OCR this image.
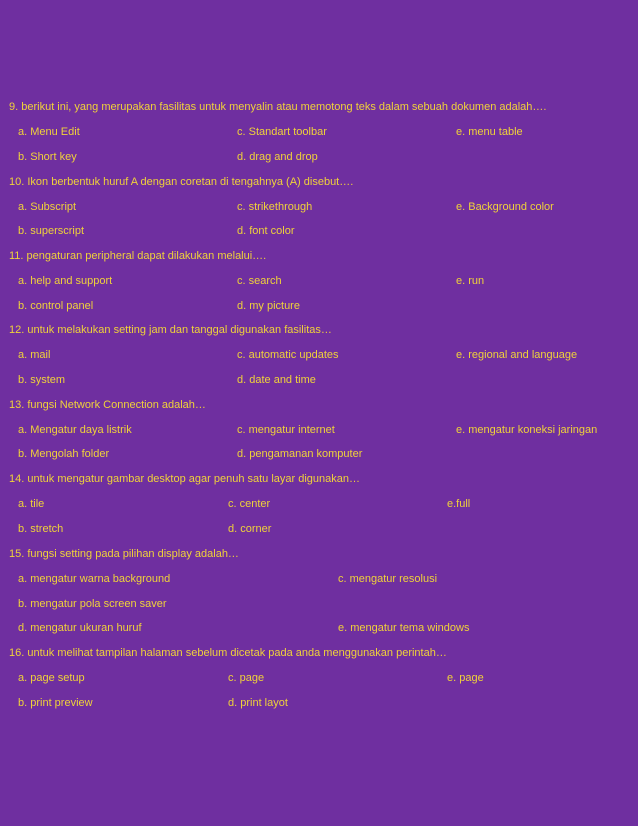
9. berikut ini, yang merupakan fasilitas untuk menyalin atau memotong teks dalam sebuah dokumen adalah….
a. Menu Edit	c. Standart toolbar	e. menu table
b. Short key	d. drag and drop
10. Ikon berbentuk huruf A dengan coretan di tengahnya (A) disebut….
a. Subscript	c. strikethrough	e. Background color
b. superscript	d. font color
11. pengaturan peripheral dapat dilakukan melalui….
a. help and support	c. search	e. run
b. control panel	d. my picture
12. untuk melakukan setting jam dan tanggal digunakan fasilitas…
a. mail	c. automatic updates	e. regional and language
b. system	d. date and time
13. fungsi Network Connection adalah…
a. Mengatur daya listrik	c. mengatur internet	e. mengatur koneksi jaringan
b. Mengolah folder	d. pengamanan komputer
14. untuk mengatur gambar desktop agar penuh satu layar digunakan…
a. tile	c. center	e.full
b. stretch	d. corner
15. fungsi setting pada pilihan display adalah…
a. mengatur warna background	c. mengatur resolusi
b. mengatur pola screen saver
d. mengatur ukuran huruf	e. mengatur tema windows
16. untuk melihat tampilan halaman sebelum dicetak pada anda menggunakan perintah…
a. page setup	c. page	e. page
b. print preview	d. print layot
